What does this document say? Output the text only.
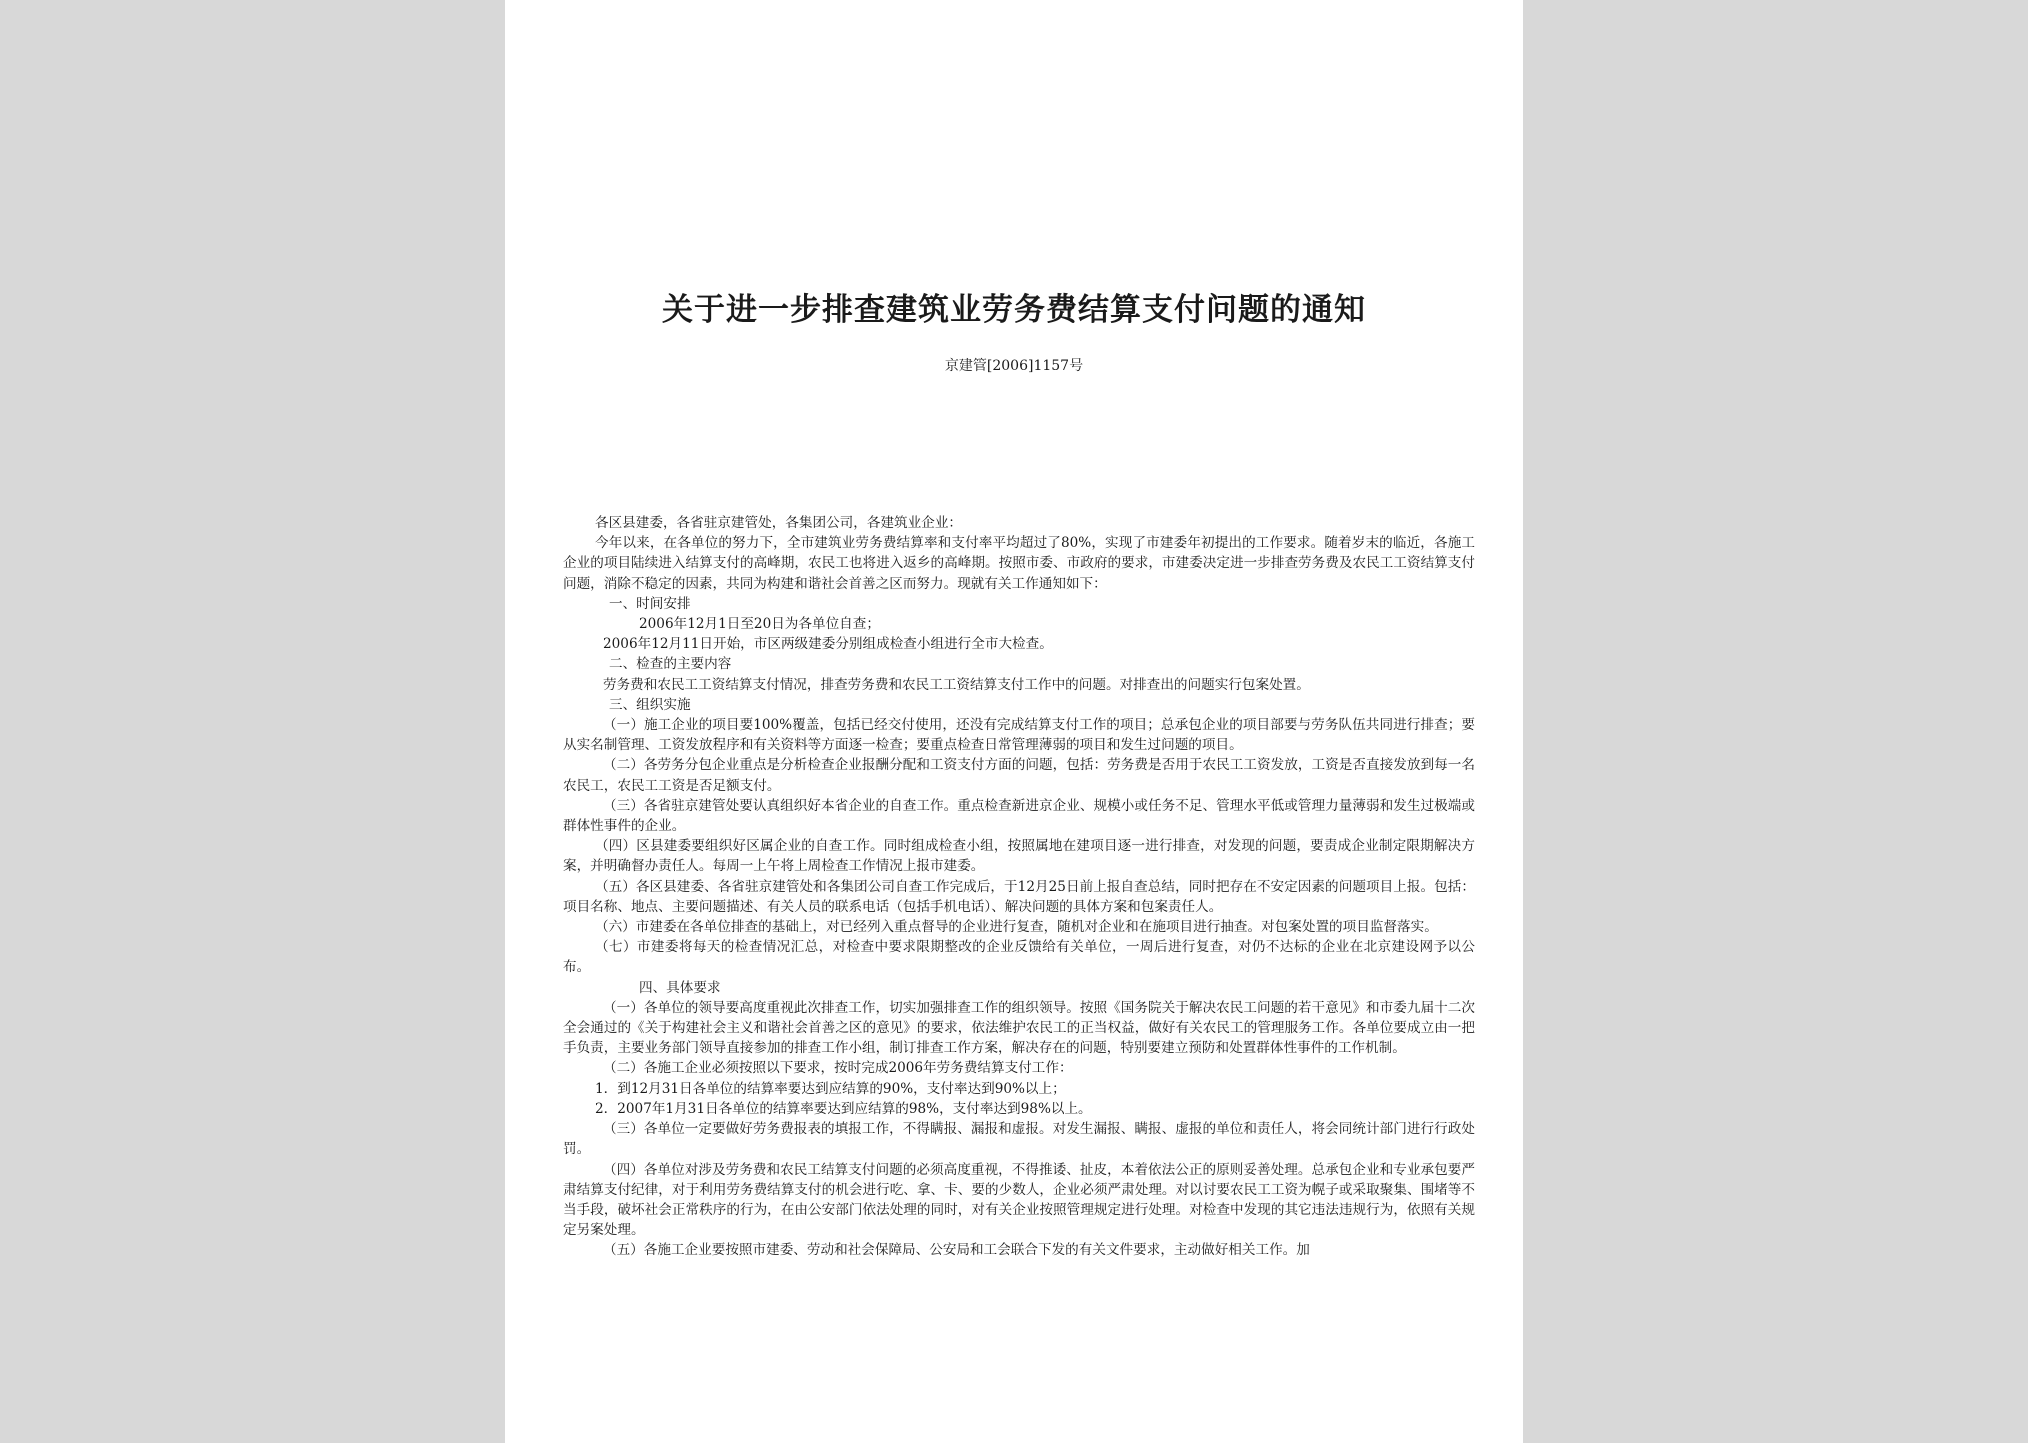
关于进一步排查建筑业劳务费结算支付问题的通知
京建管[2006]1157号

各区县建委，各省驻京建管处，各集团公司，各建筑业企业：

今年以来，在各单位的努力下，全市建筑业劳务费结算率和支付率平均超过了80%，实现了市建委年初提出的工作要求。随着岁末的临近，各施工企业的项目陆续进入结算支付的高峰期，农民工也将进入返乡的高峰期。按照市委、市政府的要求，市建委决定进一步排查劳务费及农民工工资结算支付问题，消除不稳定的因素，共同为构建和谐社会首善之区而努力。现就有关工作通知如下：

一、时间安排

2006年12月1日至20日为各单位自查；

2006年12月11日开始，市区两级建委分别组成检查小组进行全市大检查。

二、检查的主要内容

劳务费和农民工工资结算支付情况，排查劳务费和农民工工资结算支付工作中的问题。对排查出的问题实行包案处置。

三、组织实施

（一）施工企业的项目要100%覆盖，包括已经交付使用，还没有完成结算支付工作的项目；总承包企业的项目部要与劳务队伍共同进行排查；要从实名制管理、工资发放程序和有关资料等方面逐一检查；要重点检查日常管理薄弱的项目和发生过问题的项目。

（二）各劳务分包企业重点是分析检查企业报酬分配和工资支付方面的问题，包括：劳务费是否用于农民工工资发放，工资是否直接发放到每一名农民工，农民工工资是否足额支付。

（三）各省驻京建管处要认真组织好本省企业的自查工作。重点检查新进京企业、规模小或任务不足、管理水平低或管理力量薄弱和发生过极端或群体性事件的企业。

（四）区县建委要组织好区属企业的自查工作。同时组成检查小组，按照属地在建项目逐一进行排查，对发现的问题，要责成企业制定限期解决方案，并明确督办责任人。每周一上午将上周检查工作情况上报市建委。

（五）各区县建委、各省驻京建管处和各集团公司自查工作完成后，于12月25日前上报自查总结，同时把存在不安定因素的问题项目上报。包括：项目名称、地点、主要问题描述、有关人员的联系电话（包括手机电话）、解决问题的具体方案和包案责任人。

（六）市建委在各单位排查的基础上，对已经列入重点督导的企业进行复查，随机对企业和在施项目进行抽查。对包案处置的项目监督落实。

（七）市建委将每天的检查情况汇总，对检查中要求限期整改的企业反馈给有关单位，一周后进行复查，对仍不达标的企业在北京建设网予以公布。

四、具体要求

（一）各单位的领导要高度重视此次排查工作，切实加强排查工作的组织领导。按照《国务院关于解决农民工问题的若干意见》和市委九届十二次全会通过的《关于构建社会主义和谐社会首善之区的意见》的要求，依法维护农民工的正当权益，做好有关农民工的管理服务工作。各单位要成立由一把手负责，主要业务部门领导直接参加的排查工作小组，制订排查工作方案，解决存在的问题，特别要建立预防和处置群体性事件的工作机制。

（二）各施工企业必须按照以下要求，按时完成2006年劳务费结算支付工作：

1．到12月31日各单位的结算率要达到应结算的90%，支付率达到90%以上；

2．2007年1月31日各单位的结算率要达到应结算的98%，支付率达到98%以上。

（三）各单位一定要做好劳务费报表的填报工作，不得瞒报、漏报和虚报。对发生漏报、瞒报、虚报的单位和责任人，将会同统计部门进行行政处罚。

（四）各单位对涉及劳务费和农民工结算支付问题的必须高度重视，不得推诿、扯皮，本着依法公正的原则妥善处理。总承包企业和专业承包要严肃结算支付纪律，对于利用劳务费结算支付的机会进行吃、拿、卡、要的少数人，企业必须严肃处理。对以讨要农民工工资为幌子或采取聚集、围堵等不当手段，破坏社会正常秩序的行为，在由公安部门依法处理的同时，对有关企业按照管理规定进行处理。对检查中发现的其它违法违规行为，依照有关规定另案处理。

（五）各施工企业要按照市建委、劳动和社会保障局、公安局和工会联合下发的有关文件要求，主动做好相关工作。加
